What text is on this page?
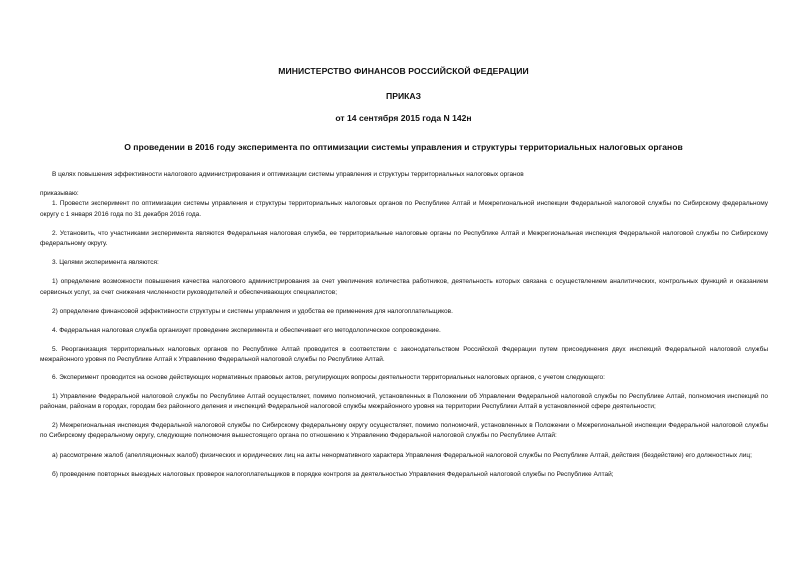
МИНИСТЕРСТВО ФИНАНСОВ РОССИЙСКОЙ ФЕДЕРАЦИИ
ПРИКАЗ
от 14 сентября 2015 года N 142н
О проведении в 2016 году эксперимента по оптимизации системы управления и структуры территориальных налоговых органов

В целях повышения эффективности налогового администрирования и оптимизации системы управления и структуры территориальных налоговых органов

приказываю:

1. Провести эксперимент по оптимизации системы управления и структуры территориальных налоговых органов по Республике Алтай и Межрегиональной инспекции Федеральной налоговой службы по Сибирскому федеральному округу с 1 января 2016 года по 31 декабря 2016 года.

2. Установить, что участниками эксперимента являются Федеральная налоговая служба, ее территориальные налоговые органы по Республике Алтай и Межрегиональная инспекция Федеральной налоговой службы по Сибирскому федеральному округу.

3. Целями эксперимента являются:

1) определение возможности повышения качества налогового администрирования за счет увеличения количества работников, деятельность которых связана с осуществлением аналитических, контрольных функций и оказанием сервисных услуг, за счет снижения численности руководителей и обеспечивающих специалистов;

2) определение финансовой эффективности структуры и системы управления и удобства ее применения для налогоплательщиков.

4. Федеральная налоговая служба организует проведение эксперимента и обеспечивает его методологическое сопровождение.

5. Реорганизация территориальных налоговых органов по Республике Алтай проводится в соответствии с законодательством Российской Федерации путем присоединения двух инспекций Федеральной налоговой службы межрайонного уровня по Республике Алтай к Управлению Федеральной налоговой службы по Республике Алтай.

6. Эксперимент проводится на основе действующих нормативных правовых актов, регулирующих вопросы деятельности территориальных налоговых органов, с учетом следующего:

1) Управление Федеральной налоговой службы по Республике Алтай осуществляет, помимо полномочий, установленных в Положении об Управлении Федеральной налоговой службы по Республике Алтай, полномочия инспекций по районам, районам в городах, городам без районного деления и инспекций Федеральной налоговой службы межрайонного уровня на территории Республики Алтай в установленной сфере деятельности;

2) Межрегиональная инспекция Федеральной налоговой службы по Сибирскому федеральному округу осуществляет, помимо полномочий, установленных в Положении о Межрегиональной инспекции Федеральной налоговой службы по Сибирскому федеральному округу, следующие полномочия вышестоящего органа по отношению к Управлению Федеральной налоговой службы по Республике Алтай:

а) рассмотрение жалоб (апелляционных жалоб) физических и юридических лиц на акты ненормативного характера Управления Федеральной налоговой службы по Республике Алтай, действия (бездействие) его должностных лиц;

б) проведение повторных выездных налоговых проверок налогоплательщиков в порядке контроля за деятельностью Управления Федеральной налоговой службы по Республике Алтай;
